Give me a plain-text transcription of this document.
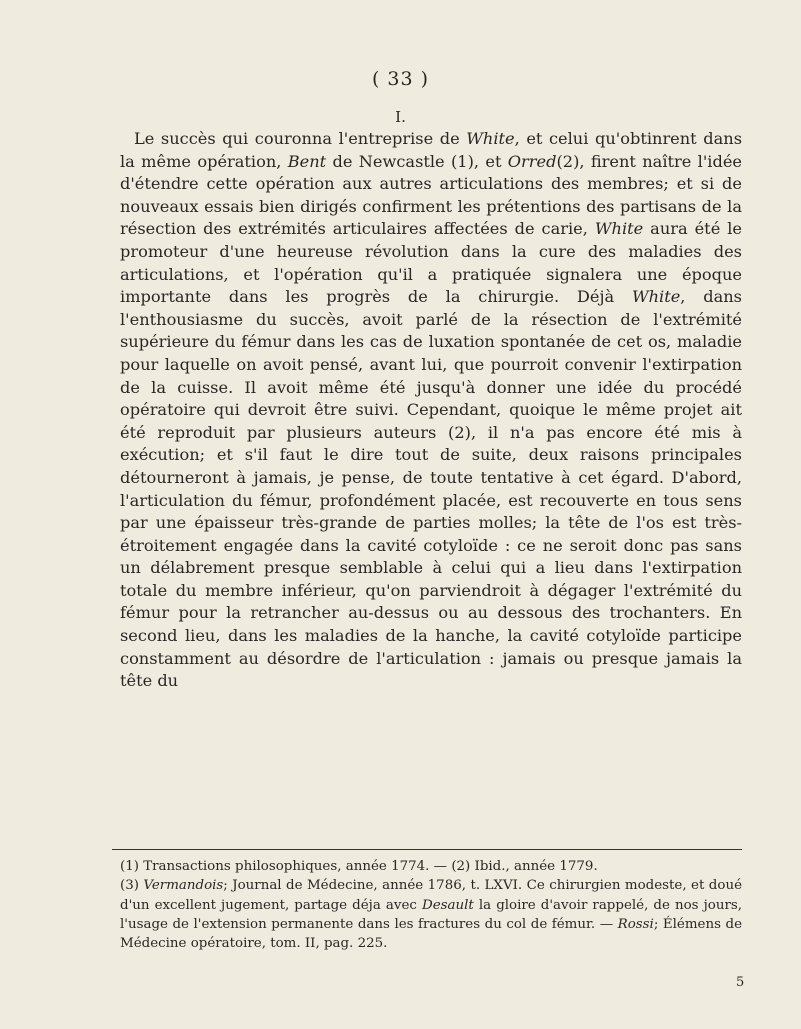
( 33 )
I.

Le succès qui couronna l'entreprise de White, et celui qu'obtinrent dans la même opération, Bent de Newcastle (1), et Orred(2), firent naître l'idée d'étendre cette opération aux autres articulations des membres; et si de nouveaux essais bien dirigés confirment les prétentions des partisans de la résection des extrémités articulaires affectées de carie, White aura été le promoteur d'une heureuse révolution dans la cure des maladies des articulations, et l'opération qu'il a pratiquée signalera une époque importante dans les progrès de la chirurgie. Déjà White, dans l'enthousiasme du succès, avoit parlé de la résection de l'extrémité supérieure du fémur dans les cas de luxation spontanée de cet os, maladie pour laquelle on avoit pensé, avant lui, que pourroit convenir l'extirpation de la cuisse. Il avoit même été jusqu'à donner une idée du procédé opératoire qui devroit être suivi. Cependant, quoique le même projet ait été reproduit par plusieurs auteurs (2), il n'a pas encore été mis à exécution; et s'il faut le dire tout de suite, deux raisons principales détourneront à jamais, je pense, de toute tentative à cet égard. D'abord, l'articulation du fémur, profondément placée, est recouverte en tous sens par une épaisseur très-grande de parties molles; la tête de l'os est très-étroitement engagée dans la cavité cotyloïde : ce ne seroit donc pas sans un délabrement presque semblable à celui qui a lieu dans l'extirpation totale du membre inférieur, qu'on parviendroit à dégager l'extrémité du fémur pour la retrancher au-dessus ou au dessous des trochanters. En second lieu, dans les maladies de la hanche, la cavité cotyloïde participe constamment au désordre de l'articulation : jamais ou presque jamais la tête du

(1) Transactions philosophiques, année 1774. — (2) Ibid., année 1779.

(3) Vermandois; Journal de Médecine, année 1786, t. LXVI. Ce chirurgien modeste, et doué d'un excellent jugement, partage déja avec Desault la gloire d'avoir rappelé, de nos jours, l'usage de l'extension permanente dans les fractures du col de fémur. — Rossi; Élémens de Médecine opératoire, tom. II, pag. 225.

5
